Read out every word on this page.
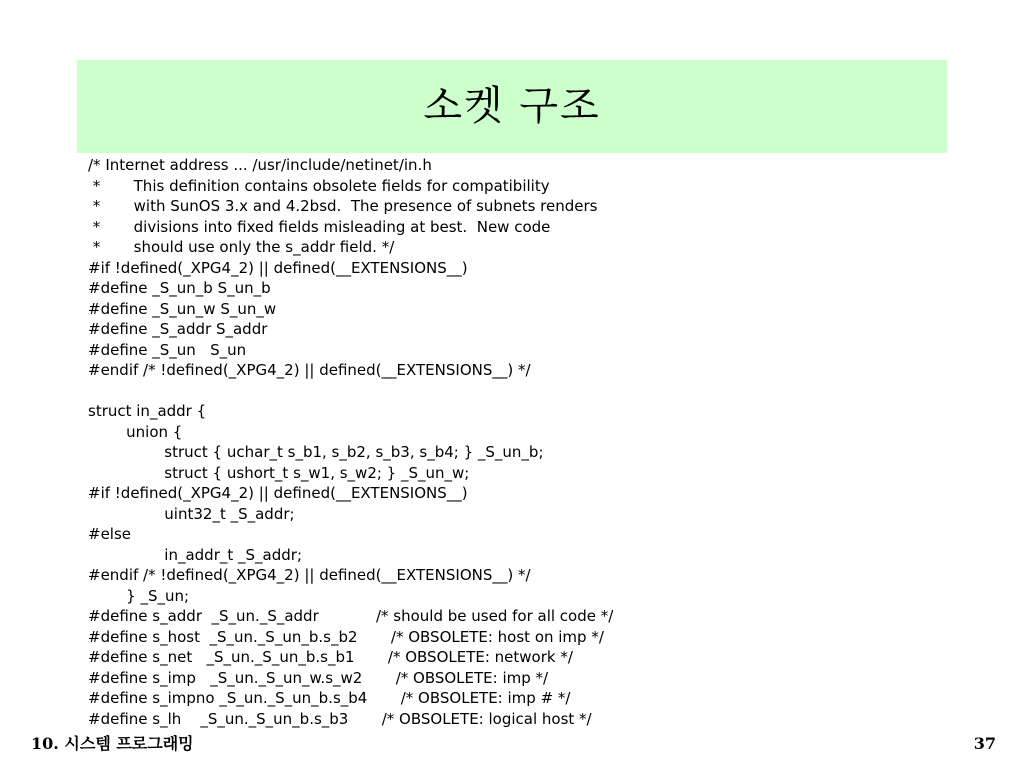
소켓 구조
/* Internet address ... /usr/include/netinet/in.h
*       This definition contains obsolete fields for compatibility
*       with SunOS 3.x and 4.2bsd.  The presence of subnets renders
*       divisions into fixed fields misleading at best.  New code
*       should use only the s_addr field. */
#if !defined(_XPG4_2) || defined(__EXTENSIONS__)
#define _S_un_b S_un_b
#define _S_un_w S_un_w
#define _S_addr S_addr
#define _S_un   S_un
#endif /* !defined(_XPG4_2) || defined(__EXTENSIONS__) */
struct in_addr {
union {
struct { uchar_t s_b1, s_b2, s_b3, s_b4; } _S_un_b;
struct { ushort_t s_w1, s_w2; } _S_un_w;
#if !defined(_XPG4_2) || defined(__EXTENSIONS__)
uint32_t _S_addr;
#else
in_addr_t _S_addr;
#endif /* !defined(_XPG4_2) || defined(__EXTENSIONS__) */
} _S_un;
#define s_addr  _S_un._S_addr            /* should be used for all code */
#define s_host  _S_un._S_un_b.s_b2       /* OBSOLETE: host on imp */
#define s_net   _S_un._S_un_b.s_b1       /* OBSOLETE: network */
#define s_imp   _S_un._S_un_w.s_w2       /* OBSOLETE: imp */
#define s_impno _S_un._S_un_b.s_b4       /* OBSOLETE: imp # */
#define s_lh    _S_un._S_un_b.s_b3       /* OBSOLETE: logical host */
10. 시스템 프로그래밍	37
